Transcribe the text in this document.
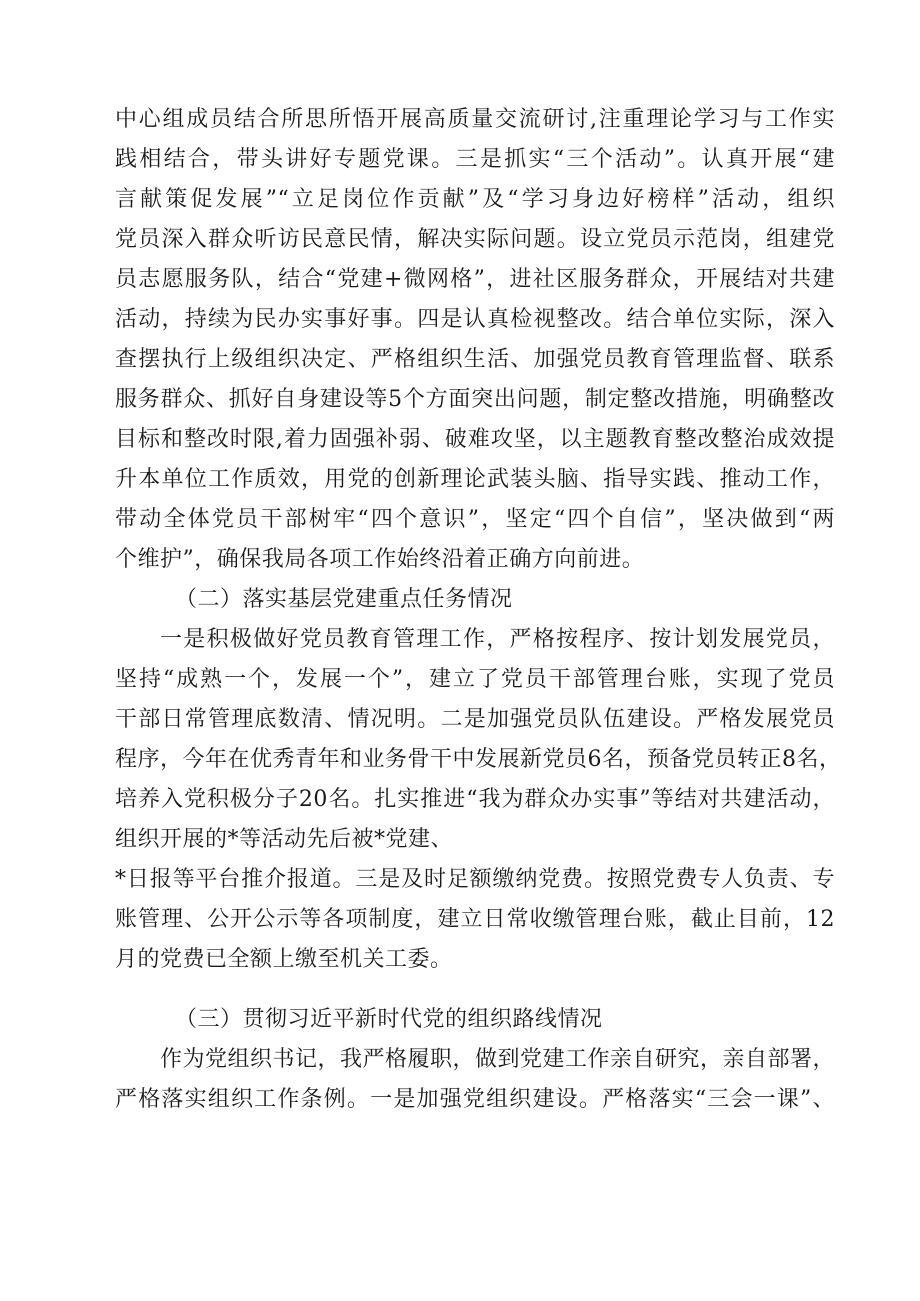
中心组成员结合所思所悟开展高质量交流研讨,注重理论学习与工作实
践相结合，带头讲好专题党课。三是抓实“三个活动”。认真开展“建
言献策促发展”“立足岗位作贡献”及“学习身边好榜样”活动，组织
党员深入群众听访民意民情，解决实际问题。设立党员示范岗，组建党
员志愿服务队，结合“党建+微网格”，进社区服务群众，开展结对共建
活动，持续为民办实事好事。四是认真检视整改。结合单位实际，深入
查摆执行上级组织决定、严格组织生活、加强党员教育管理监督、联系
服务群众、抓好自身建设等5个方面突出问题，制定整改措施，明确整改
目标和整改时限,着力固强补弱、破难攻坚，以主题教育整改整治成效提
升本单位工作质效，用党的创新理论武装头脑、指导实践、推动工作，
带动全体党员干部树牢“四个意识”，坚定“四个自信”，坚决做到“两
个维护”，确保我局各项工作始终沿着正确方向前进。
（二）落实基层党建重点任务情况
一是积极做好党员教育管理工作，严格按程序、按计划发展党员，
坚持“成熟一个，发展一个”，建立了党员干部管理台账，实现了党员
干部日常管理底数清、情况明。二是加强党员队伍建设。严格发展党员
程序，今年在优秀青年和业务骨干中发展新党员6名，预备党员转正8名，
培养入党积极分子20名。扎实推进“我为群众办实事”等结对共建活动，
组织开展的*等活动先后被*党建、
*日报等平台推介报道。三是及时足额缴纳党费。按照党费专人负责、专
账管理、公开公示等各项制度，建立日常收缴管理台账，截止目前，12
月的党费已全额上缴至机关工委。
（三）贯彻习近平新时代党的组织路线情况
作为党组织书记，我严格履职，做到党建工作亲自研究，亲自部署，
严格落实组织工作条例。一是加强党组织建设。严格落实“三会一课”、
